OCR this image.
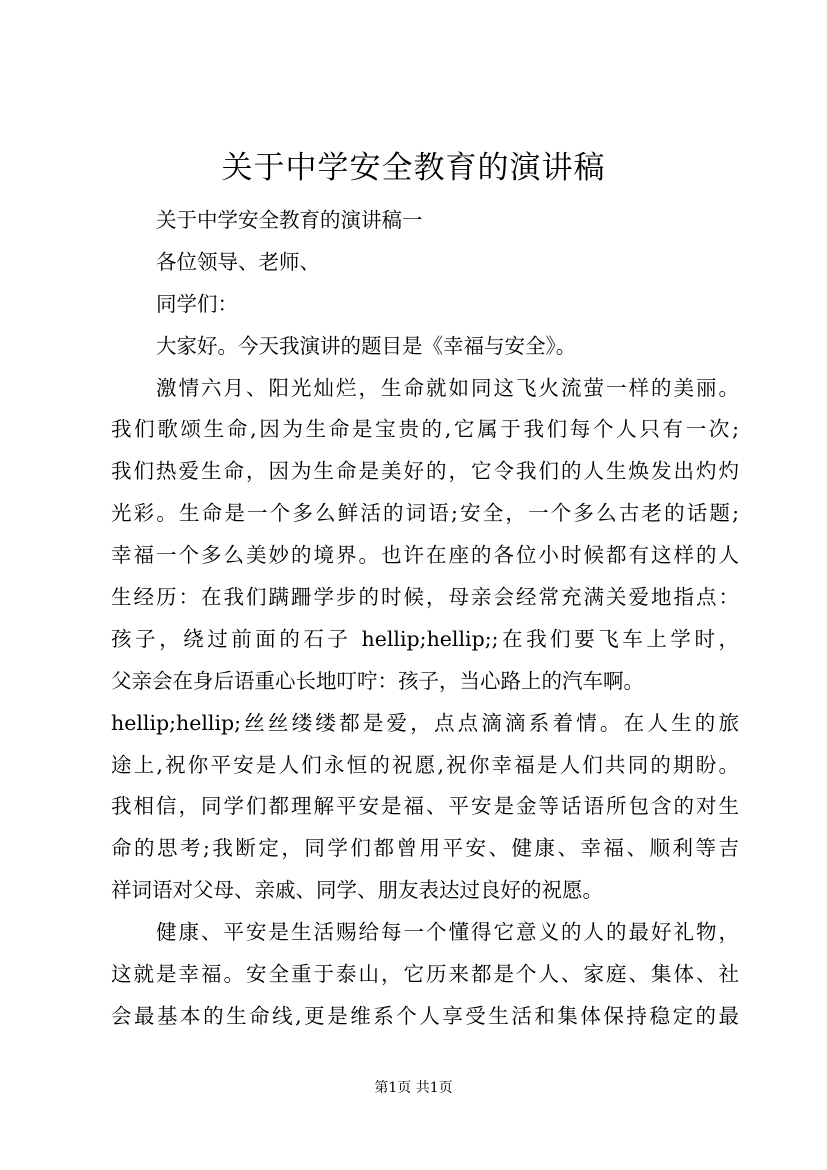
关于中学安全教育的演讲稿
关于中学安全教育的演讲稿一
各位领导、老师、
同学们：
大家好。今天我演讲的题目是《幸福与安全》。
激情六月、阳光灿烂，生命就如同这飞火流萤一样的美丽。
我们歌颂生命,因为生命是宝贵的,它属于我们每个人只有一次;
我们热爱生命，因为生命是美好的，它令我们的人生焕发出灼灼
光彩。生命是一个多么鲜活的词语;安全，一个多么古老的话题;
幸福一个多么美妙的境界。也许在座的各位小时候都有这样的人
生经历：在我们蹒跚学步的时候，母亲会经常充满关爱地指点：
孩子，绕过前面的石子 hellip;hellip;;在我们要飞车上学时，
父亲会在身后语重心长地叮咛：孩子，当心路上的汽车啊。
hellip;hellip;丝丝缕缕都是爱，点点滴滴系着情。在人生的旅
途上,祝你平安是人们永恒的祝愿,祝你幸福是人们共同的期盼。
我相信，同学们都理解平安是福、平安是金等话语所包含的对生
命的思考;我断定，同学们都曾用平安、健康、幸福、顺利等吉
祥词语对父母、亲戚、同学、朋友表达过良好的祝愿。
健康、平安是生活赐给每一个懂得它意义的人的最好礼物，
这就是幸福。安全重于泰山，它历来都是个人、家庭、集体、社
会最基本的生命线,更是维系个人享受生活和集体保持稳定的最
第1页 共1页
